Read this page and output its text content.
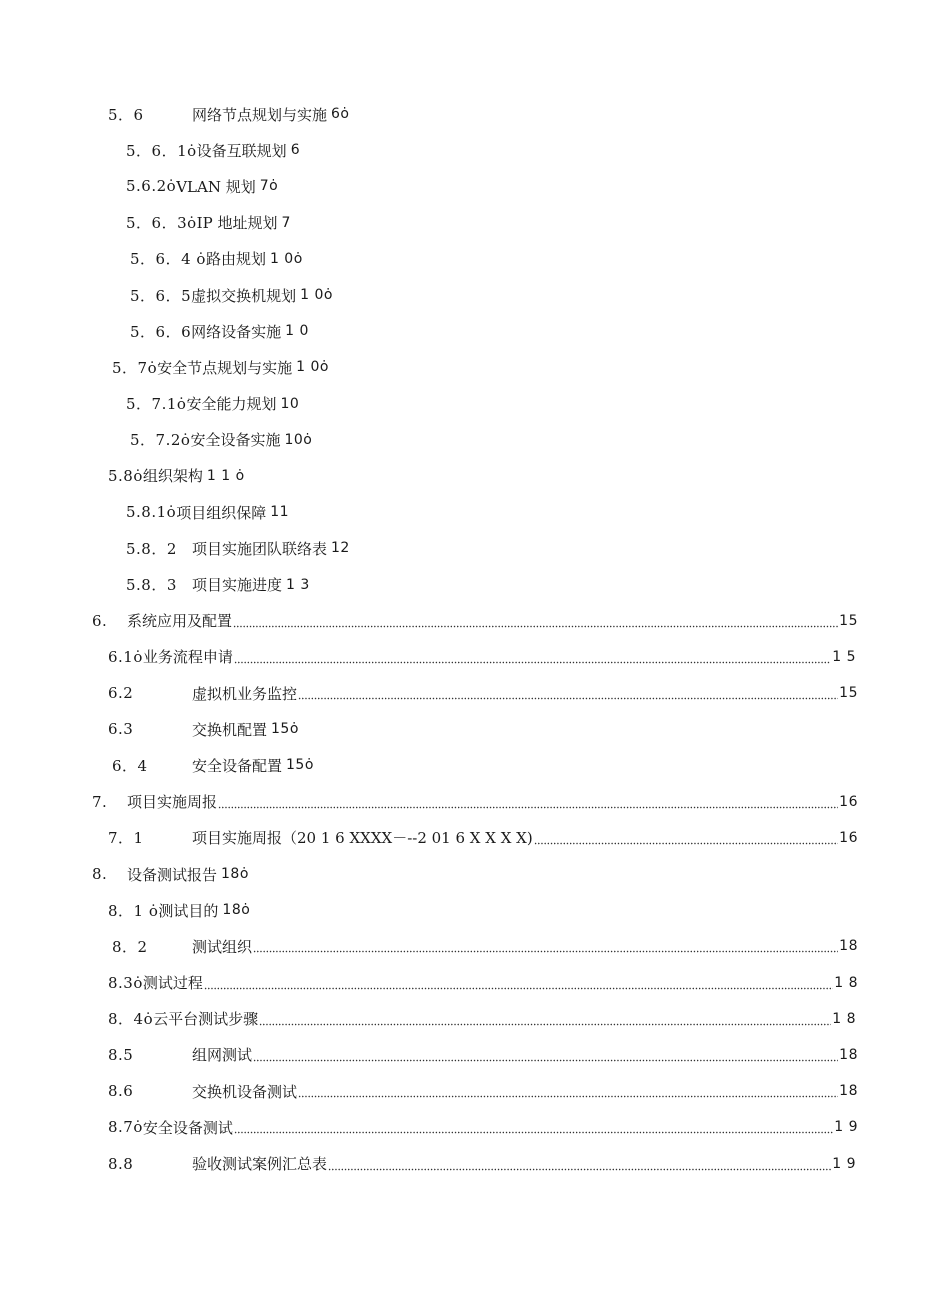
5．6	网络节点规划与实施 6ȯ
5．6．1ȯ 设备互联规划 6
5.6.2ȯ VLAN 规划 7ȯ
5．6．3ȯ IP 地址规划 7
5．6．4 ȯ 路由规划 1 0ȯ
5．6．5 虚拟交换机规划 1 0ȯ
5．6．6 网络设备实施 1 0
5．7ȯ 安全节点规划与实施 1 0ȯ
5．7.1ȯ 安全能力规划 10
5．7.2ȯ 安全设备实施 10ȯ
5.8ȯ 组织架构 1 1 ȯ
5.8.1ȯ 项目组织保障 11
5.8．2 项目实施团队联络表 12
5.8．3 项目实施进度 1 3
6. 系统应用及配置	15
6.1ȯ 业务流程申请	1 5
6.2	虚拟机业务监控	15
6.3	交换机配置 15ȯ
6．4	安全设备配置 15ȯ
7. 项目实施周报	16
7．1	项目实施周报（20 1 6 XXXX－--2 01 6 X X X X)	16
8. 设备测试报告 18ȯ
8．1 ȯ 测试目的 18ȯ
8．2	测试组织	18
8.3ȯ 测试过程	1 8
8．4ȯ 云平台测试步骤	1 8
8.5	组网测试	18
8.6	交换机设备测试	18
8.7ȯ 安全设备测试	1 9
8.8	验收测试案例汇总表	1 9
